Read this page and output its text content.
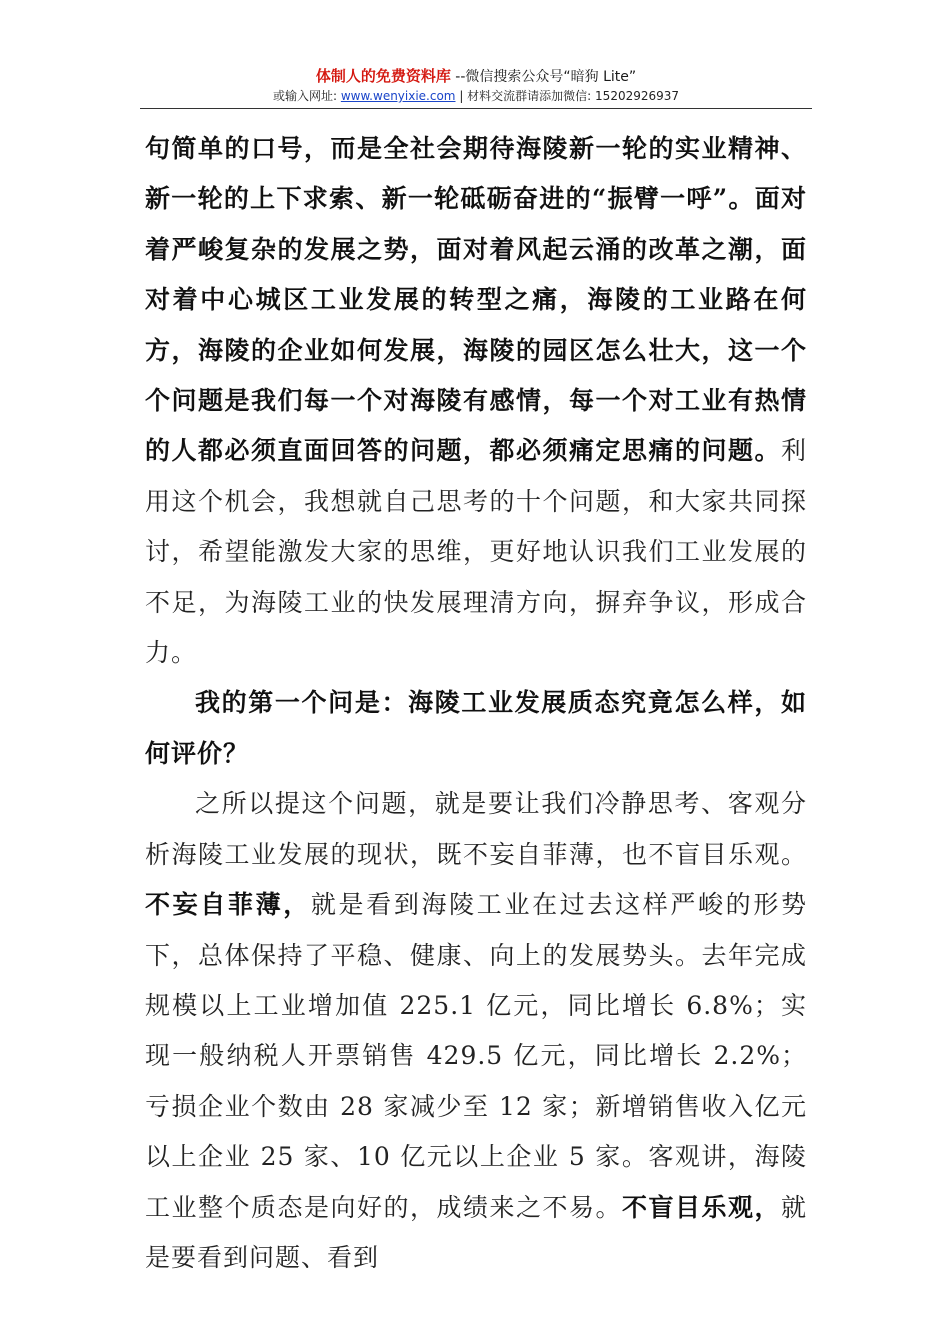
体制人的免费资料库 --微信搜索公众号“暗狗 Lite”
或输入网址: www.wenyixie.com | 材料交流群请添加微信: 15202926937

句简单的口号，而是全社会期待海陵新一轮的实业精神、新一轮的上下求索、新一轮砥砺奋进的“振臂一呼”。面对着严峻复杂的发展之势，面对着风起云涌的改革之潮，面对着中心城区工业发展的转型之痛，海陵的工业路在何方，海陵的企业如何发展，海陵的园区怎么壮大，这一个个问题是我们每一个对海陵有感情，每一个对工业有热情的人都必须直面回答的问题，都必须痛定思痛的问题。利用这个机会，我想就自己思考的十个问题，和大家共同探讨，希望能激发大家的思维，更好地认识我们工业发展的不足，为海陵工业的快发展理清方向，摒弃争议，形成合力。

我的第一个问是：海陵工业发展质态究竟怎么样，如何评价？

之所以提这个问题，就是要让我们冷静思考、客观分析海陵工业发展的现状，既不妄自菲薄，也不盲目乐观。不妄自菲薄，就是看到海陵工业在过去这样严峻的形势下，总体保持了平稳、健康、向上的发展势头。去年完成规模以上工业增加值 225.1 亿元，同比增长 6.8%；实现一般纳税人开票销售 429.5 亿元，同比增长 2.2%；亏损企业个数由 28 家减少至 12 家；新增销售收入亿元以上企业 25 家、10 亿元以上企业 5 家。客观讲，海陵工业整个质态是向好的，成绩来之不易。不盲目乐观，就是要看到问题、看到
